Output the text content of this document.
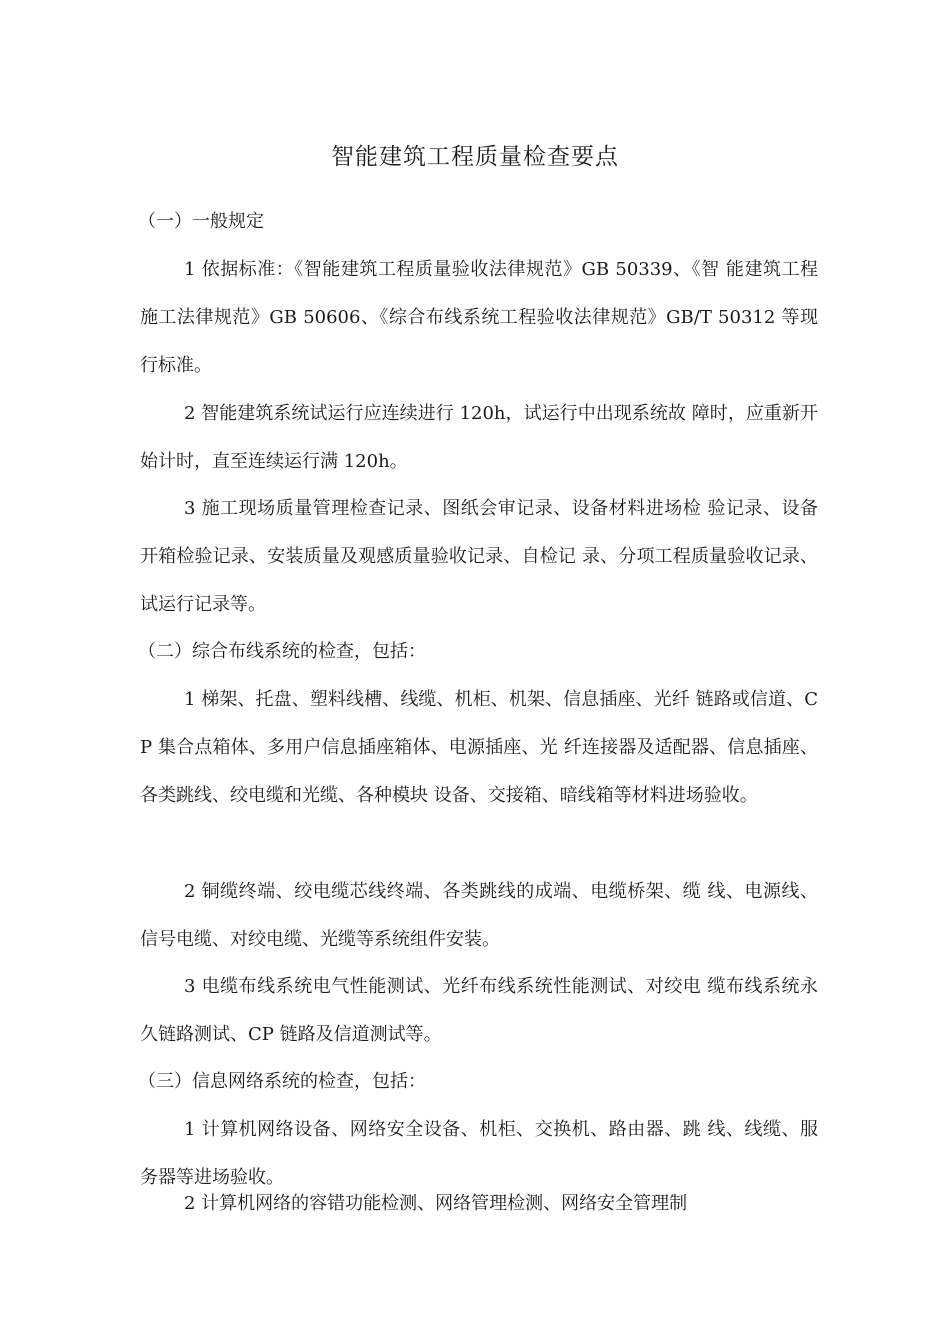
智能建筑工程质量检查要点
（一）一般规定
1 依据标准：《智能建筑工程质量验收法律规范》GB 50339、《智 能建筑工程施工法律规范》GB 50606、《综合布线系统工程验收法律规范》GB/T 50312 等现行标准。
2 智能建筑系统试运行应连续进行 120h，试运行中出现系统故 障时，应重新开始计时，直至连续运行满 120h。
3 施工现场质量管理检查记录、图纸会审记录、设备材料进场检 验记录、设备开箱检验记录、安装质量及观感质量验收记录、自检记 录、分项工程质量验收记录、试运行记录等。
（二）综合布线系统的检查，包括：
1 梯架、托盘、塑料线槽、线缆、机柜、机架、信息插座、光纤 链路或信道、CP 集合点箱体、多用户信息插座箱体、电源插座、光 纤连接器及适配器、信息插座、各类跳线、绞电缆和光缆、各种模块 设备、交接箱、暗线箱等材料进场验收。
2 铜缆终端、绞电缆芯线终端、各类跳线的成端、电缆桥架、缆 线、电源线、信号电缆、对绞电缆、光缆等系统组件安装。
3 电缆布线系统电气性能测试、光纤布线系统性能测试、对绞电 缆布线系统永久链路测试、CP 链路及信道测试等。
（三）信息网络系统的检查，包括：
1 计算机网络设备、网络安全设备、机柜、交换机、路由器、跳 线、线缆、服务器等进场验收。
2 计算机网络的容错功能检测、网络管理检测、网络安全管理制
